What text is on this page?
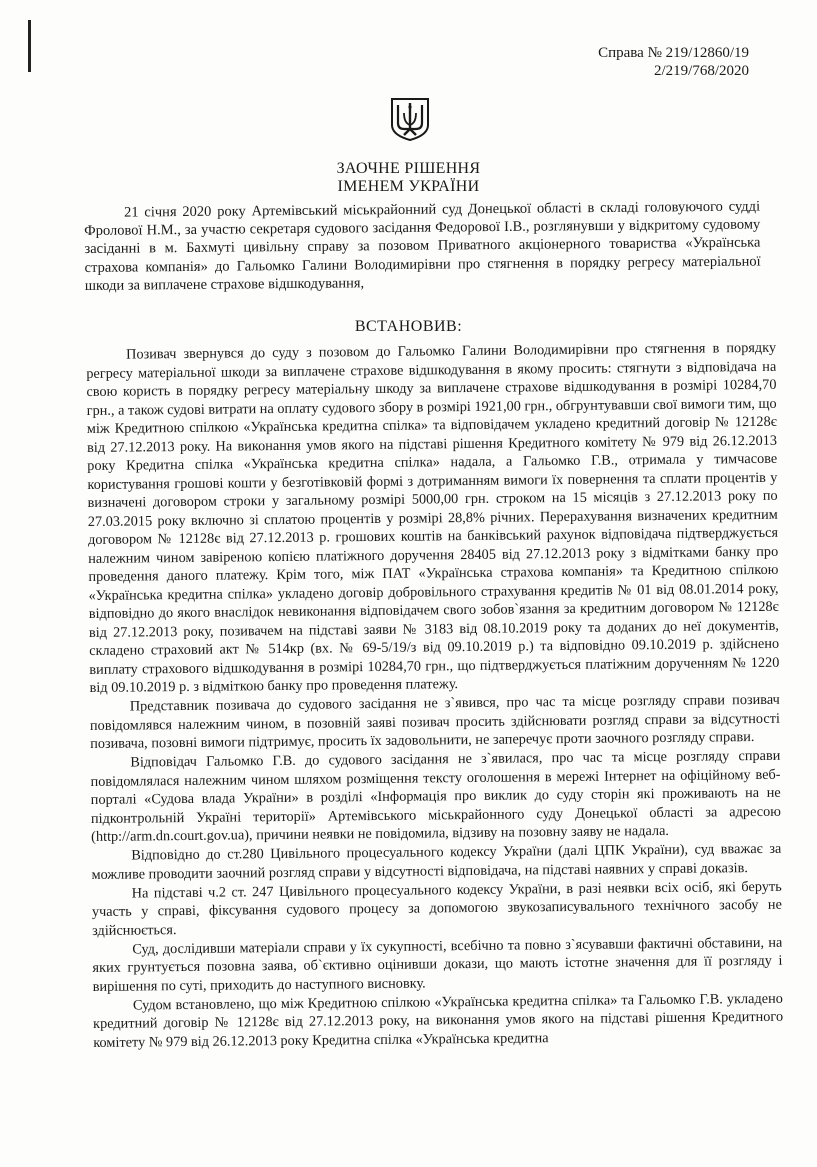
Справа № 219/12860/19
2/219/768/2020
ЗАОЧНЕ РІШЕННЯ
ІМЕНЕМ УКРАЇНИ

21 січня 2020 року Артемівський міськрайонний суд Донецької області в складі головуючого судді Фролової Н.М., за участю секретаря судового засідання Федорової І.В., розглянувши у відкритому судовому засіданні в м. Бахмуті цивільну справу за позовом Приватного акціонерного товариства «Українська страхова компанія» до Гальомко Галини Володимирівни про стягнення в порядку регресу матеріальної шкоди за виплачене страхове відшкодування,

ВСТАНОВИВ:

Позивач звернувся до суду з позовом до Гальомко Галини Володимирівни про стягнення в порядку регресу матеріальної шкоди за виплачене страхове відшкодування в якому просить: стягнути з відповідача на свою користь в порядку регресу матеріальну шкоду за виплачене страхове відшкодування в розмірі 10284,70 грн., а також судові витрати на оплату судового збору в розмірі 1921,00 грн., обгрунтувавши свої вимоги тим, що між Кредитною спілкою «Українська кредитна спілка» та відповідачем укладено кредитний договір № 12128є від 27.12.2013 року. На виконання умов якого на підставі рішення Кредитного комітету № 979 від 26.12.2013 року Кредитна спілка «Українська кредитна спілка» надала, а Гальомко Г.В., отримала у тимчасове користування грошові кошти у безготівковій формі з дотриманням вимоги їх повернення та сплати процентів у визначені договором строки у загальному розмірі 5000,00 грн. строком на 15 місяців з 27.12.2013 року по 27.03.2015 року включно зі сплатою процентів у розмірі 28,8% річних. Перерахування визначених кредитним договором № 12128є від 27.12.2013 р. грошових коштів на банківський рахунок відповідача підтверджується належним чином завіреною копією платіжного доручення 28405 від 27.12.2013 року з відмітками банку про проведення даного платежу. Крім того, між ПАТ «Українська страхова компанія» та Кредитною спілкою «Українська кредитна спілка» укладено договір добровільного страхування кредитів № 01 від 08.01.2014 року, відповідно до якого внаслідок невиконання відповідачем свого зобов`язання за кредитним договором № 12128є від 27.12.2013 року, позивачем на підставі заяви № 3183 від 08.10.2019 року та доданих до неї документів, складено страховий акт № 514кр (вх. № 69-5/19/з від 09.10.2019 р.) та відповідно 09.10.2019 р. здійснено виплату страхового відшкодування в розмірі 10284,70 грн., що підтверджується платіжним дорученням № 1220 від 09.10.2019 р. з відміткою банку про проведення платежу.

Представник позивача до судового засідання не з`явився, про час та місце розгляду справи позивач повідомлявся належним чином, в позовній заяві позивач просить здійснювати розгляд справи за відсутності позивача, позовні вимоги підтримує, просить їх задовольнити, не заперечує проти заочного розгляду справи.

Відповідач Гальомко Г.В. до судового засідання не з`явилася, про час та місце розгляду справи повідомлялася належним чином шляхом розміщення тексту оголошення в мережі Інтернет на офіційному веб-порталі «Судова влада України» в розділі «Інформація про виклик до суду сторін які проживають на не підконтрольній Україні території» Артемівського міськрайонного суду Донецької області за адресою (http://arm.dn.court.gov.ua), причини неявки не повідомила, відзиву на позовну заяву не надала.

Відповідно до ст.280 Цивільного процесуального кодексу України (далі ЦПК України), суд вважає за можливе проводити заочний розгляд справи у відсутності відповідача, на підставі наявних у справі доказів.

На підставі ч.2 ст. 247 Цивільного процесуального кодексу України, в разі неявки всіх осіб, які беруть участь у справі, фіксування судового процесу за допомогою звукозаписувального технічного засобу не здійснюється.

Суд, дослідивши матеріали справи у їх сукупності, всебічно та повно з`ясувавши фактичні обставини, на яких грунтується позовна заява, об`єктивно оцінивши докази, що мають істотне значення для її розгляду і вирішення по суті, приходить до наступного висновку.

Судом встановлено, що між Кредитною спілкою «Українська кредитна спілка» та Гальомко Г.В. укладено кредитний договір № 12128є від 27.12.2013 року, на виконання умов якого на підставі рішення Кредитного комітету № 979 від 26.12.2013 року Кредитна спілка «Українська кредитна
